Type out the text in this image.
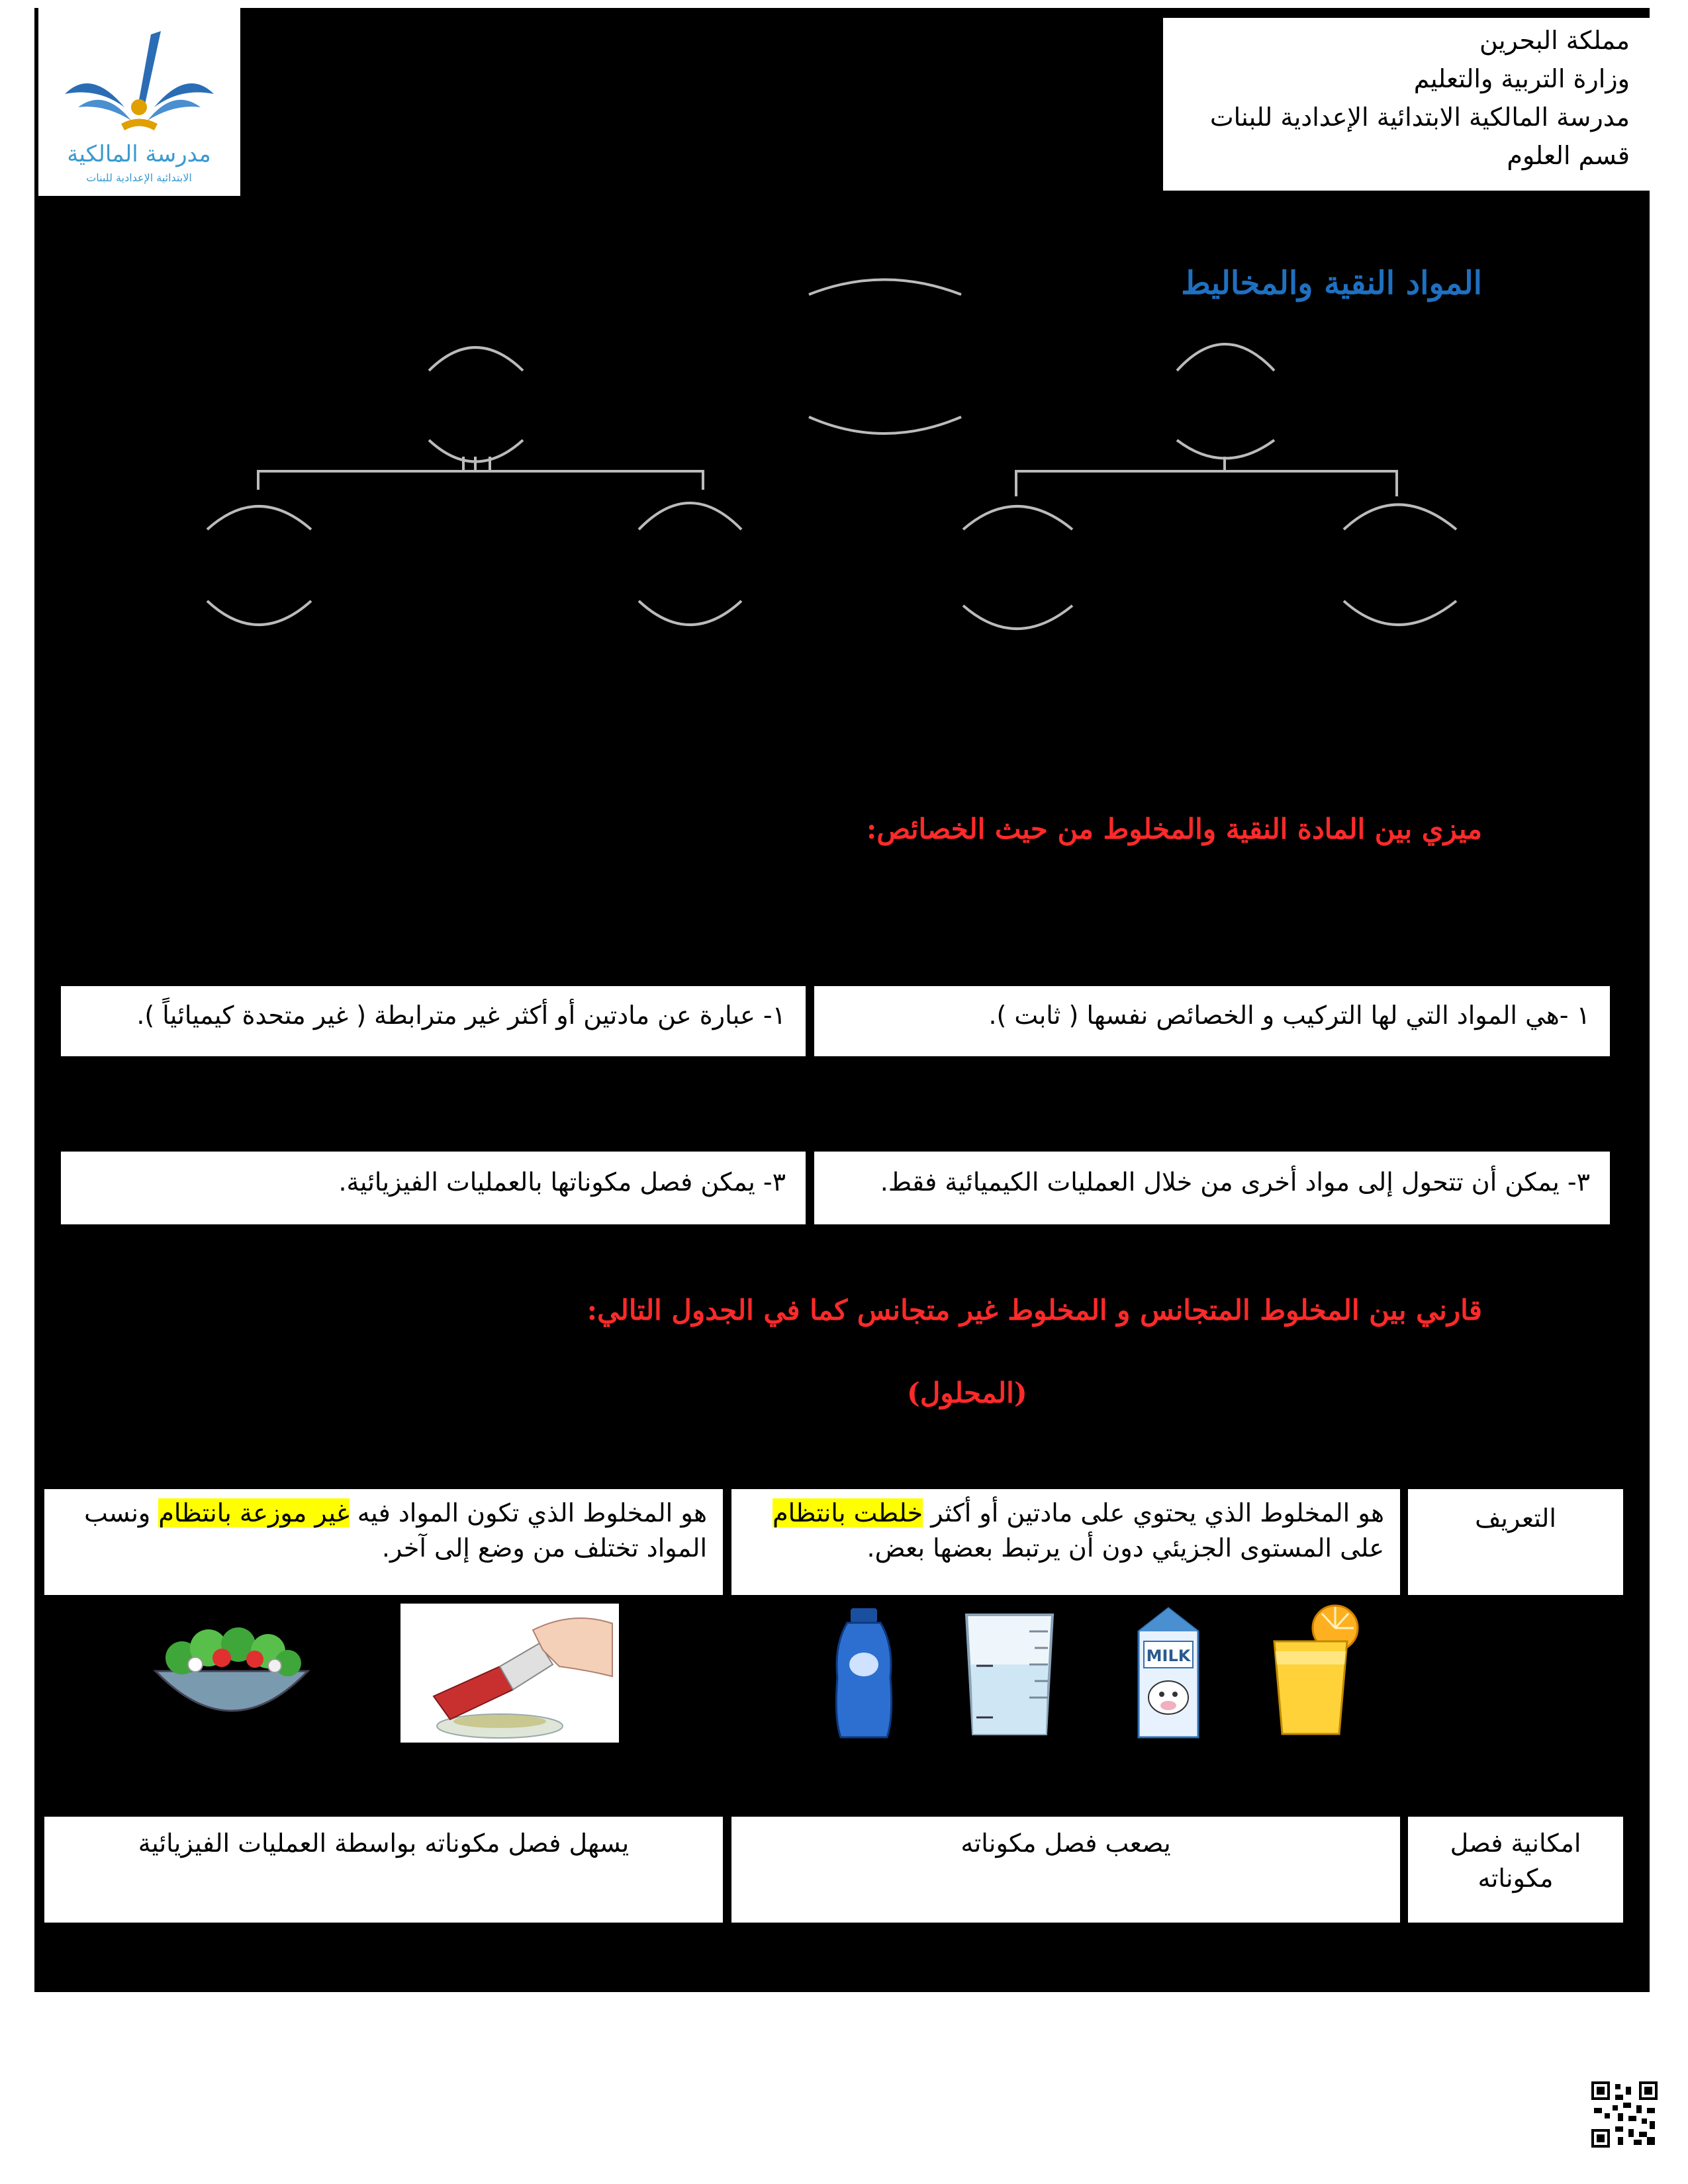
مدرسة المالكية
الابتدائية الإعدادية للبنات
مملكة البحرين
وزارة التربية والتعليم
مدرسة المالكية الابتدائية الإعدادية للبنات
قسم العلوم
المواد النقية والمخاليط
ميزي بين المادة النقية والمخلوط من حيث الخصائص:
١ -هي المواد التي لها التركيب و الخصائص نفسها ( ثابت ).
١- عبارة عن مادتين أو أكثر غير مترابطة ( غير متحدة كيميائياً ).
٣- يمكن أن تتحول إلى مواد أخرى من خلال العمليات الكيميائية فقط.
٣- يمكن فصل مكوناتها بالعمليات الفيزيائية.
قارني بين المخلوط المتجانس و المخلوط غير متجانس كما في الجدول التالي:
(المحلول)
التعريف
هو المخلوط الذي يحتوي على مادتين أو أكثر خلطت بانتظام على المستوى الجزيئي دون أن يرتبط بعضها بعض.
هو المخلوط الذي تكون المواد فيه غير موزعة بانتظام ونسب المواد تختلف من وضع إلى آخر.
MILK
امكانية فصل مكوناته
يصعب فصل مكوناته
يسهل فصل مكوناته بواسطة العمليات الفيزيائية
